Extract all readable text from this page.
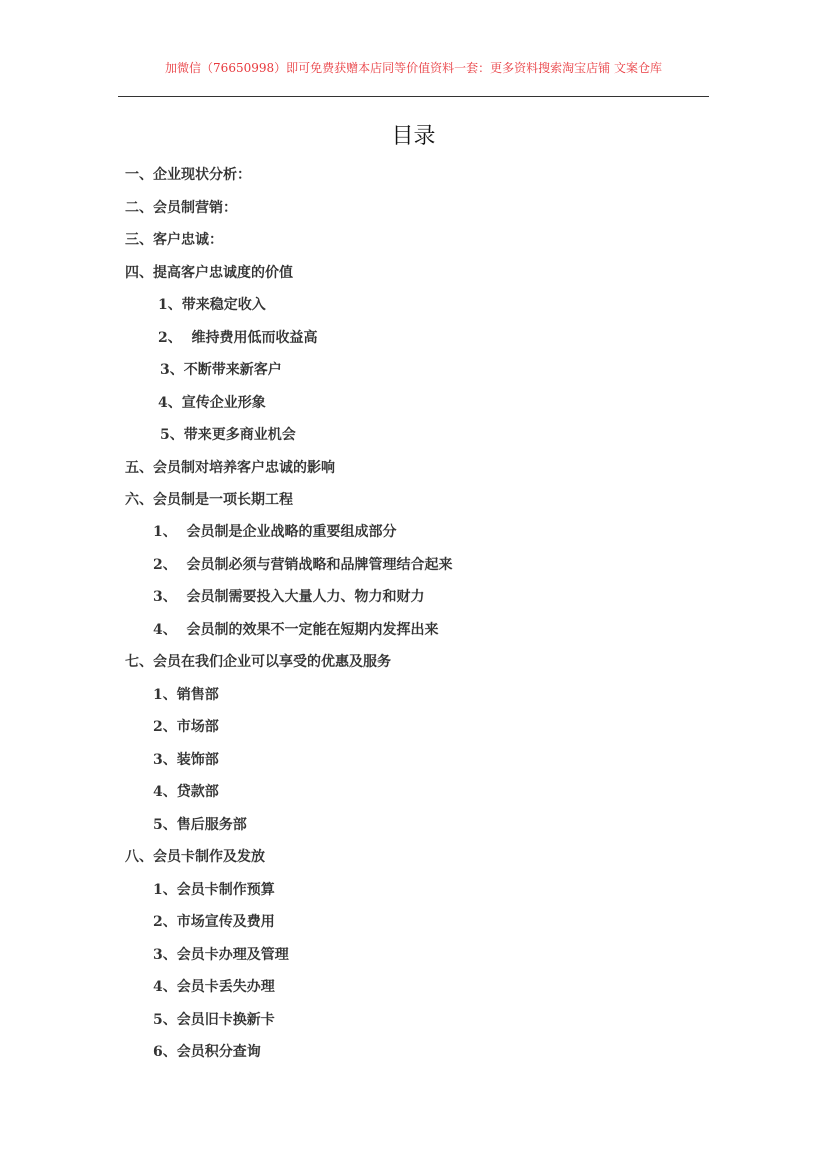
加微信（76650998）即可免费获赠本店同等价值资料一套：更多资料搜索淘宝店铺 文案仓库
目录
一、企业现状分析：
二、会员制营销：
三、客户忠诚：
四、提高客户忠诚度的价值
1、带来稳定收入
2、  维持费用低而收益高
3、不断带来新客户
4、宣传企业形象
5、带来更多商业机会
五、会员制对培养客户忠诚的影响
六、会员制是一项长期工程
1、  会员制是企业战略的重要组成部分
2、  会员制必须与营销战略和品牌管理结合起来
3、  会员制需要投入大量人力、物力和财力
4、  会员制的效果不一定能在短期内发挥出来
七、会员在我们企业可以享受的优惠及服务
1、销售部
2、市场部
3、装饰部
4、贷款部
5、售后服务部
八、会员卡制作及发放
1、会员卡制作预算
2、市场宣传及费用
3、会员卡办理及管理
4、会员卡丢失办理
5、会员旧卡换新卡
6、会员积分查询
